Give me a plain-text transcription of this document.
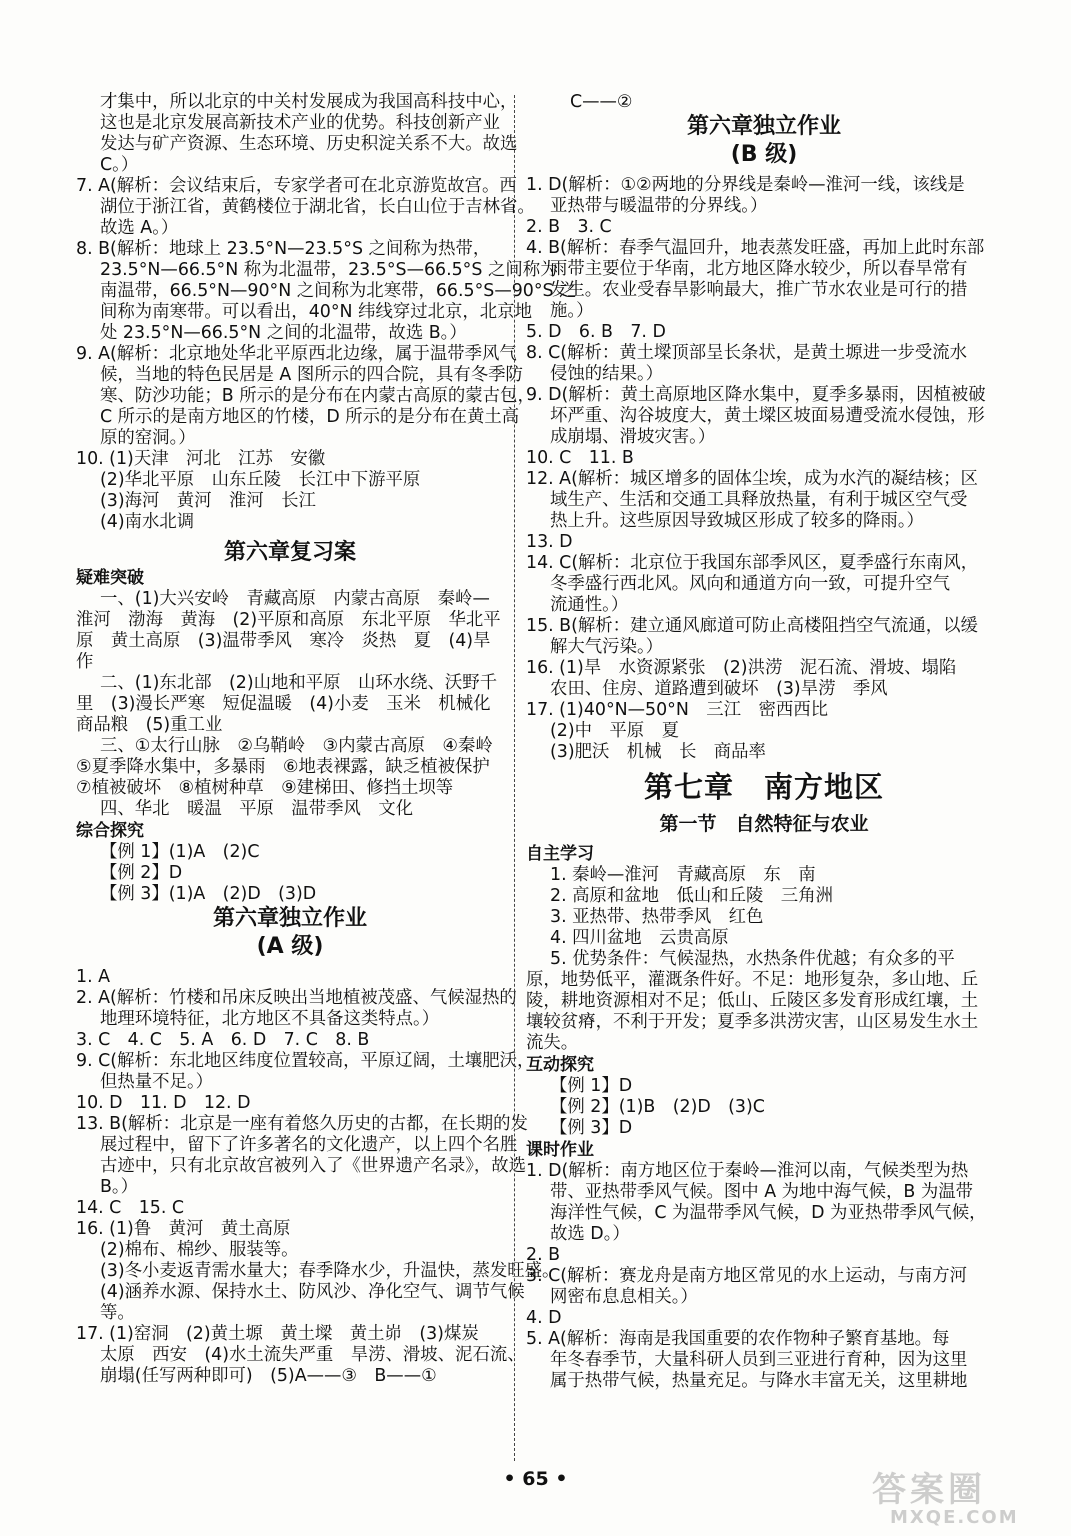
才集中，所以北京的中关村发展成为我国高科技中心，
这也是北京发展高新技术产业的优势。科技创新产业
发达与矿产资源、生态环境、历史积淀关系不大。故选
C。）
7. A(解析：会议结束后，专家学者可在北京游览故宫。西
湖位于浙江省，黄鹤楼位于湖北省，长白山位于吉林省。
故选 A。）
8. B(解析：地球上 23.5°N—23.5°S 之间称为热带，
23.5°N—66.5°N 称为北温带，23.5°S—66.5°S 之间称为
南温带，66.5°N—90°N 之间称为北寒带，66.5°S—90°S 之
间称为南寒带。可以看出，40°N 纬线穿过北京，北京地
处 23.5°N—66.5°N 之间的北温带，故选 B。）
9. A(解析：北京地处华北平原西北边缘，属于温带季风气
候，当地的特色民居是 A 图所示的四合院，具有冬季防
寒、防沙功能；B 所示的是分布在内蒙古高原的蒙古包，
C 所示的是南方地区的竹楼，D 所示的是分布在黄土高
原的窑洞。）
10. (1)天津　河北　江苏　安徽
(2)华北平原　山东丘陵　长江中下游平原
(3)海河　黄河　淮河　长江
(4)南水北调
第六章复习案
疑难突破
一、(1)大兴安岭　青藏高原　内蒙古高原　秦岭—
淮河　渤海　黄海　(2)平原和高原　东北平原　华北平
原　黄土高原　(3)温带季风　寒冷　炎热　夏　(4)旱
作
二、(1)东北部　(2)山地和平原　山环水绕、沃野千
里　(3)漫长严寒　短促温暖　(4)小麦　玉米　机械化
商品粮　(5)重工业
三、①太行山脉　②乌鞘岭　③内蒙古高原　④秦岭
⑤夏季降水集中，多暴雨　⑥地表裸露，缺乏植被保护
⑦植被破坏　⑧植树种草　⑨建梯田、修挡土坝等
四、华北　暖温　平原　温带季风　文化
综合探究
【例 1】(1)A　(2)C
【例 2】D
【例 3】(1)A　(2)D　(3)D
第六章独立作业
(A 级)
1. A
2. A(解析：竹楼和吊床反映出当地植被茂盛、气候湿热的
地理环境特征，北方地区不具备这类特点。）
3. C　4. C　5. A　6. D　7. C　8. B
9. C(解析：东北地区纬度位置较高，平原辽阔，土壤肥沃，
但热量不足。）
10. D　11. D　12. D
13. B(解析：北京是一座有着悠久历史的古都，在长期的发
展过程中，留下了许多著名的文化遗产，以上四个名胜
古迹中，只有北京故宫被列入了《世界遗产名录》，故选
B。）
14. C　15. C
16. (1)鲁　黄河　黄土高原
(2)棉布、棉纱、服装等。
(3)冬小麦返青需水量大；春季降水少，升温快，蒸发旺盛。
(4)涵养水源、保持水土、防风沙、净化空气、调节气候
等。
17. (1)窑洞　(2)黄土塬　黄土墚　黄土峁　(3)煤炭
太原　西安　(4)水土流失严重　旱涝、滑坡、泥石流、
崩塌(任写两种即可)　(5)A——③　B——①
C——②
第六章独立作业
(B 级)
1. D(解析：①②两地的分界线是秦岭—淮河一线，该线是
亚热带与暖温带的分界线。）
2. B　3. C
4. B(解析：春季气温回升，地表蒸发旺盛，再加上此时东部
雨带主要位于华南，北方地区降水较少，所以春旱常有
发生。农业受春旱影响最大，推广节水农业是可行的措
施。）
5. D　6. B　7. D
8. C(解析：黄土墚顶部呈长条状，是黄土塬进一步受流水
侵蚀的结果。）
9. D(解析：黄土高原地区降水集中，夏季多暴雨，因植被破
坏严重、沟谷坡度大，黄土墚区坡面易遭受流水侵蚀，形
成崩塌、滑坡灾害。）
10. C　11. B
12. A(解析：城区增多的固体尘埃，成为水汽的凝结核；区
域生产、生活和交通工具释放热量，有利于城区空气受
热上升。这些原因导致城区形成了较多的降雨。）
13. D
14. C(解析：北京位于我国东部季风区，夏季盛行东南风，
冬季盛行西北风。风向和通道方向一致，可提升空气
流通性。）
15. B(解析：建立通风廊道可防止高楼阻挡空气流通，以缓
解大气污染。）
16. (1)旱　水资源紧张　(2)洪涝　泥石流、滑坡、塌陷
农田、住房、道路遭到破坏　(3)旱涝　季风
17. (1)40°N—50°N　三江　密西西比
(2)中　平原　夏
(3)肥沃　机械　长　商品率
第七章　南方地区
第一节　自然特征与农业
自主学习
1. 秦岭—淮河　青藏高原　东　南
2. 高原和盆地　低山和丘陵　三角洲
3. 亚热带、热带季风　红色
4. 四川盆地　云贵高原
5. 优势条件：气候湿热，水热条件优越；有众多的平
原，地势低平，灌溉条件好。不足：地形复杂，多山地、丘
陵，耕地资源相对不足；低山、丘陵区多发育形成红壤，土
壤较贫瘠，不利于开发；夏季多洪涝灾害，山区易发生水土
流失。
互动探究
【例 1】D
【例 2】(1)B　(2)D　(3)C
【例 3】D
课时作业
1. D(解析：南方地区位于秦岭—淮河以南，气候类型为热
带、亚热带季风气候。图中 A 为地中海气候，B 为温带
海洋性气候，C 为温带季风气候，D 为亚热带季风气候，
故选 D。）
2. B
3. C(解析：赛龙舟是南方地区常见的水上运动，与南方河
网密布息息相关。）
4. D
5. A(解析：海南是我国重要的农作物种子繁育基地。每
年冬春季节，大量科研人员到三亚进行育种，因为这里
属于热带气候，热量充足。与降水丰富无关，这里耕地
• 65 •	答案圈
MXQE.COM
